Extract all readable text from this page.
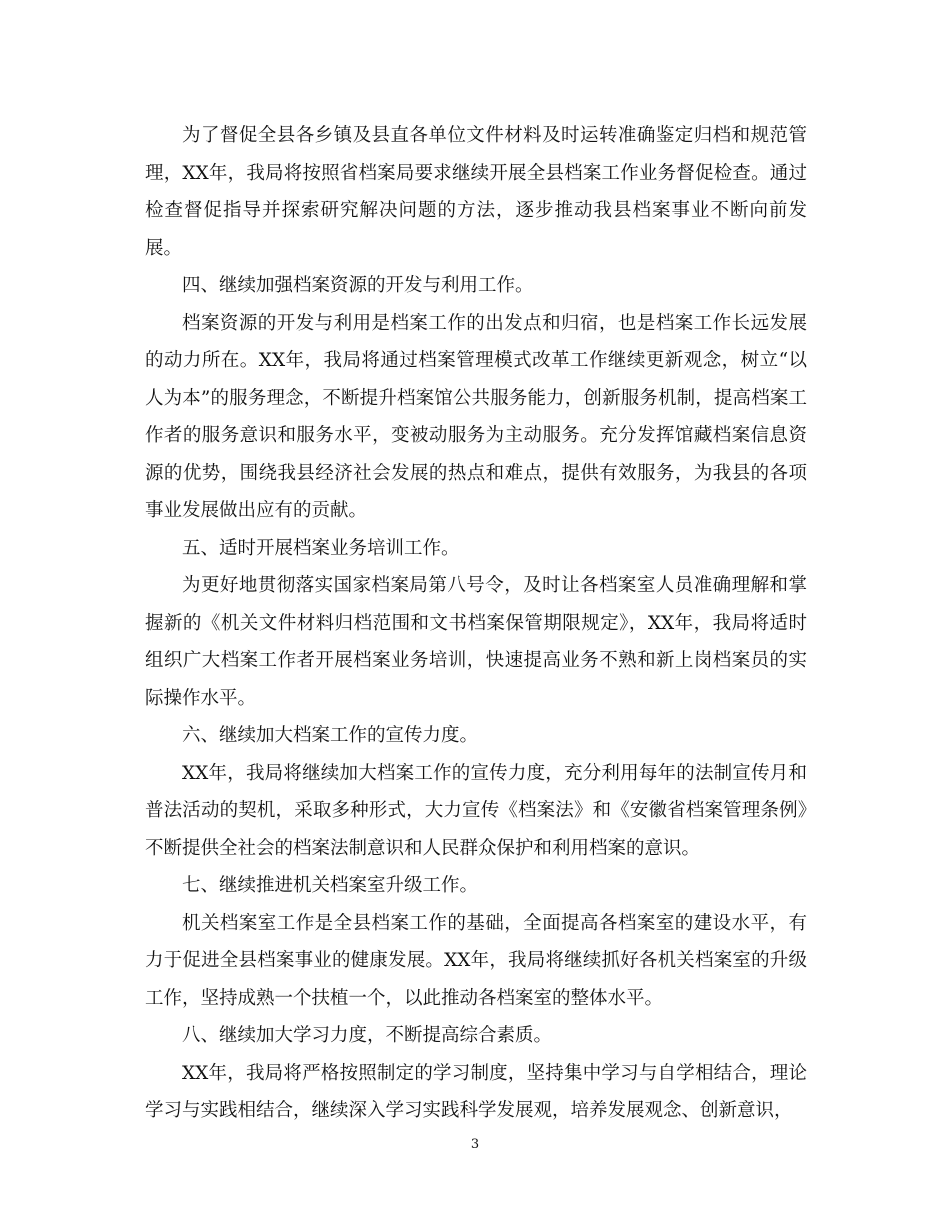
为了督促全县各乡镇及县直各单位文件材料及时运转准确鉴定归档和规范管理，XX年，我局将按照省档案局要求继续开展全县档案工作业务督促检查。通过检查督促指导并探索研究解决问题的方法，逐步推动我县档案事业不断向前发展。

四、继续加强档案资源的开发与利用工作。

档案资源的开发与利用是档案工作的出发点和归宿，也是档案工作长远发展的动力所在。XX年，我局将通过档案管理模式改革工作继续更新观念，树立“以人为本”的服务理念，不断提升档案馆公共服务能力，创新服务机制，提高档案工作者的服务意识和服务水平，变被动服务为主动服务。充分发挥馆藏档案信息资源的优势，围绕我县经济社会发展的热点和难点，提供有效服务，为我县的各项事业发展做出应有的贡献。

五、适时开展档案业务培训工作。

为更好地贯彻落实国家档案局第八号令，及时让各档案室人员准确理解和掌握新的《机关文件材料归档范围和文书档案保管期限规定》，XX年，我局将适时组织广大档案工作者开展档案业务培训，快速提高业务不熟和新上岗档案员的实际操作水平。

六、继续加大档案工作的宣传力度。

XX年，我局将继续加大档案工作的宣传力度，充分利用每年的法制宣传月和普法活动的契机，采取多种形式，大力宣传《档案法》和《安徽省档案管理条例》不断提供全社会的档案法制意识和人民群众保护和利用档案的意识。

七、继续推进机关档案室升级工作。

机关档案室工作是全县档案工作的基础，全面提高各档案室的建设水平，有力于促进全县档案事业的健康发展。XX年，我局将继续抓好各机关档案室的升级工作，坚持成熟一个扶植一个，以此推动各档案室的整体水平。

八、继续加大学习力度，不断提高综合素质。

XX年，我局将严格按照制定的学习制度，坚持集中学习与自学相结合，理论学习与实践相结合，继续深入学习实践科学发展观，培养发展观念、创新意识，

3
